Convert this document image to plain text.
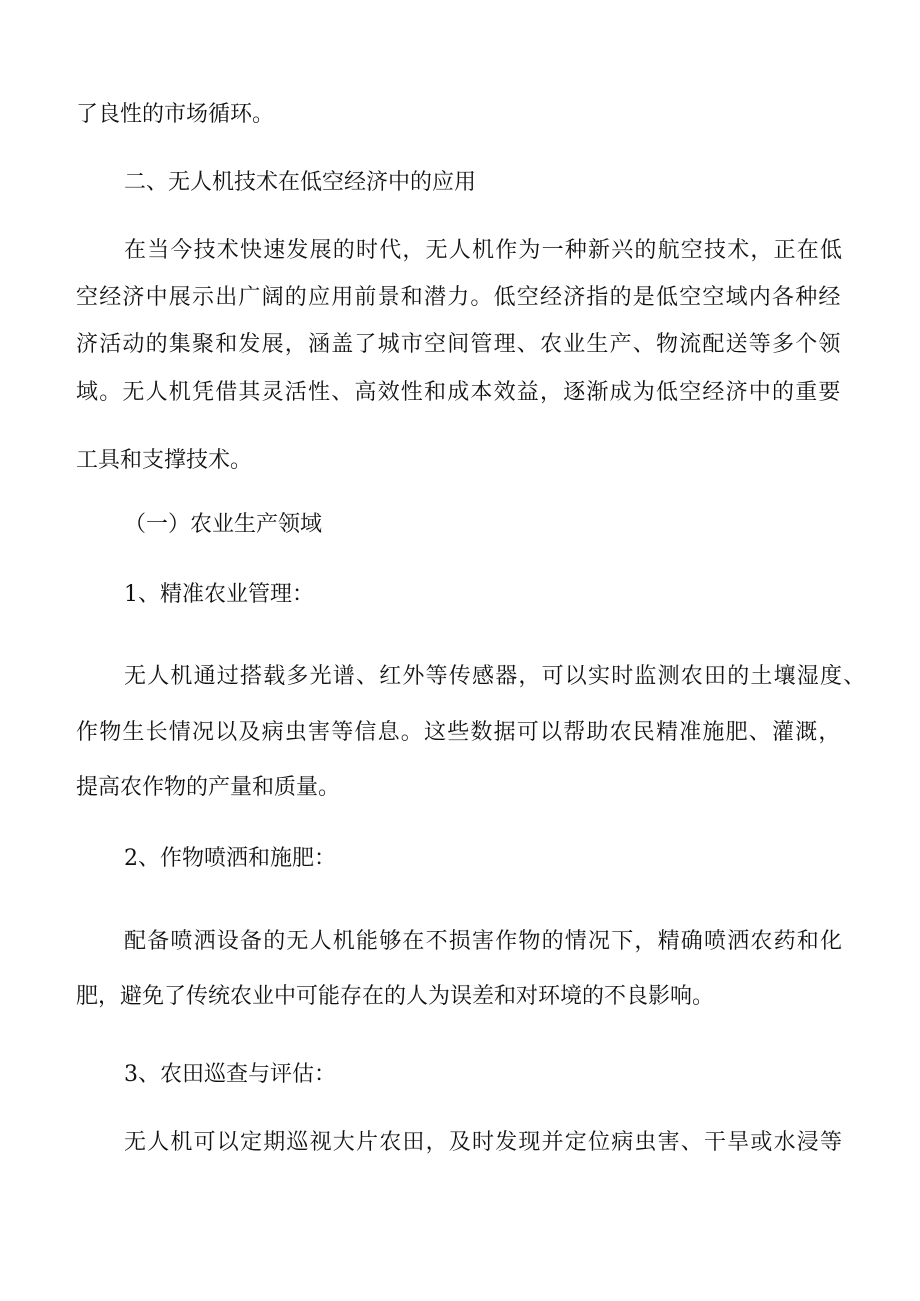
了良性的市场循环。
二、无人机技术在低空经济中的应用
在当今技术快速发展的时代，无人机作为一种新兴的航空技术，正在低
空经济中展示出广阔的应用前景和潜力。低空经济指的是低空空域内各种经
济活动的集聚和发展，涵盖了城市空间管理、农业生产、物流配送等多个领
域。无人机凭借其灵活性、高效性和成本效益，逐渐成为低空经济中的重要
工具和支撑技术。
（一）农业生产领域
1、精准农业管理：
无人机通过搭载多光谱、红外等传感器，可以实时监测农田的土壤湿度、
作物生长情况以及病虫害等信息。这些数据可以帮助农民精准施肥、灌溉，
提高农作物的产量和质量。
2、作物喷洒和施肥：
配备喷洒设备的无人机能够在不损害作物的情况下，精确喷洒农药和化
肥，避免了传统农业中可能存在的人为误差和对环境的不良影响。
3、农田巡查与评估：
无人机可以定期巡视大片农田，及时发现并定位病虫害、干旱或水浸等
